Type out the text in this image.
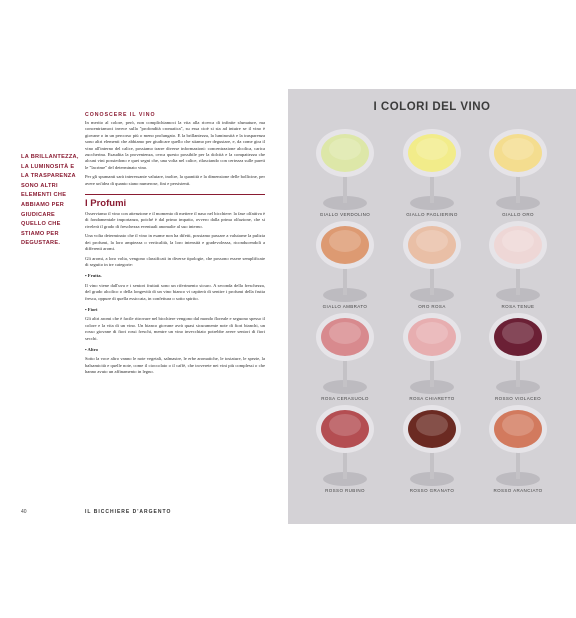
CONOSCERE IL VINO
LA BRILLANTEZZA, LA LUMINOSITÀ E LA TRASPARENZA SONO ALTRI ELEMENTI CHE ABBIAMO PER GIUDICARE QUELLO CHE STIAMO PER DEGUSTARE.

In merito al colore, però, non complichiamoci la vita alla ricerca di infinite sfumature, ma concentriamoci invece sulla "profondità cromatica", su essa cioè si sta ad intuire se il vino è giovane o in un percorso più o meno prolungato. E la brillantezza, la luminosità e la trasparenza sono altri elementi che abbiamo per giudicare quello che stiamo per degustare, e, da come gira il vino all'interno del calice, possiamo trarre diverse informazioni: concentrazione alcolica, carica zuccherina. Esaudita la provenienza, cerca questo possibile per la dolcità e la compattezza che alcuni vini possiedono e quei segni che, una volta nel calice, rilasciando con certezza sulle pareti le "lacrime" del determinato vino.

Per gli spumanti sarà interessante valutare, inoltre, la quantità e la dimensione delle bollicine, per avere un'idea di quanto siano numerose, fini e persistenti.

I Profumi

Osserviamo il vino con attenzione e il momento di mettere il naso nel bicchiere: la fase olfattiva è di fondamentale importanza, poiché è dal primo impatto, ovvero dalla prima olfazione, che si rivelerà il grado di freschezza eventuali anomalie al suo interno.

Una volta determinato che il vino in esame non ha difetti, possiamo passare a valutarne la pulizia dei profumi, la loro ampiezza o verticalità, la loro intensità e gradevolezza, riconducendoli a differenti aromi.

Gli aromi, a loro volta, vengono classificati in diverse tipologie, che possono essere semplificate di seguito in tre categorie:

• Frutta.

Il vino viene dall'uva e i sentori fruttati sono un riferimento sicuro. A seconda della freschezza, del grado alcolico o della longevità di un vino bianco vi capiterà di sentire i profumi della frutta fresca, oppure di quella essiccata, in confettura o sotto spirito.

• Fiori

Gli altri aromi che è facile ritrovare nel bicchiere vengono dal mondo floreale e seguono spesso il colore e la vita di un vino. Un bianco giovane avrà quasi sicuramente note di fiori bianchi, un rosso giovane di fiori rossi freschi, mentre un vino invecchiato potrebbe avere sentori di fiori secchi.

• Altro

Sotto la voce altro vanno le note vegetali, salmastre, le erbe aromatiche, le tostature, le spezie, la balsamicità e quelle note, come il cioccolato o il caffè, che troverete nei vini più complessi o che hanno avuto un affinamento in legno.

40	IL BICCHIERE D'ARGENTO
I COLORI DEL VINO
GIALLO VERDOLINO	GIALLO PAGLIERINO	GIALLO ORO
GIALLO AMBRATO	ORO ROSA	ROSA TENUE
ROSA CERASUOLO	ROSA CHIARETTO	ROSSO VIOLACEO
ROSSO RUBINO	ROSSO GRANATO	ROSSO ARANCIATO
